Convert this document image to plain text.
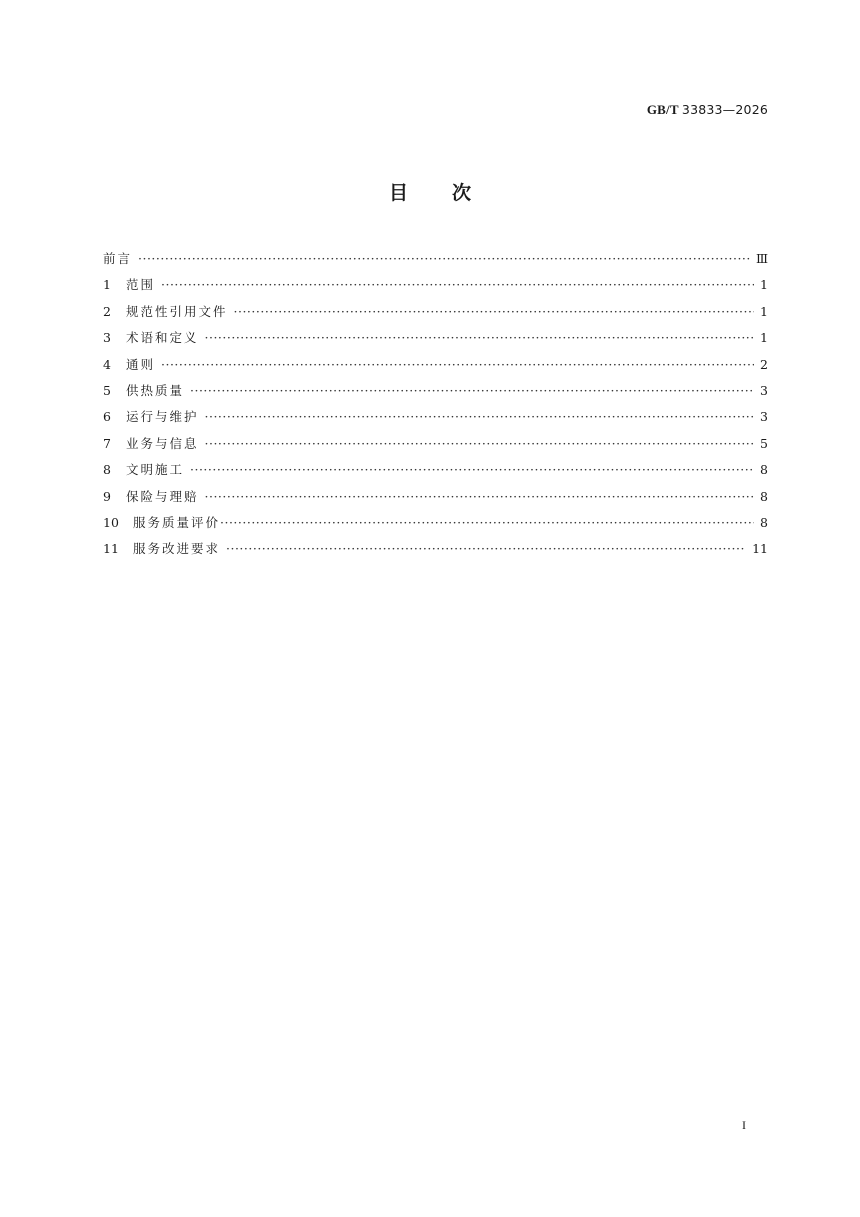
GB/T 33833—2026
目次
前言 ·····	Ⅲ
1	范围 ·····	1
2	规范性引用文件 ·····	1
3	术语和定义 ·····	1
4	通则 ·····	2
5	供热质量 ·····	3
6	运行与维护 ·····	3
7	业务与信息 ·····	5
8	文明施工 ·····	8
9	保险与理赔 ·····	8
10	服务质量评价 ·····	8
11	服务改进要求 ·····	11
I
